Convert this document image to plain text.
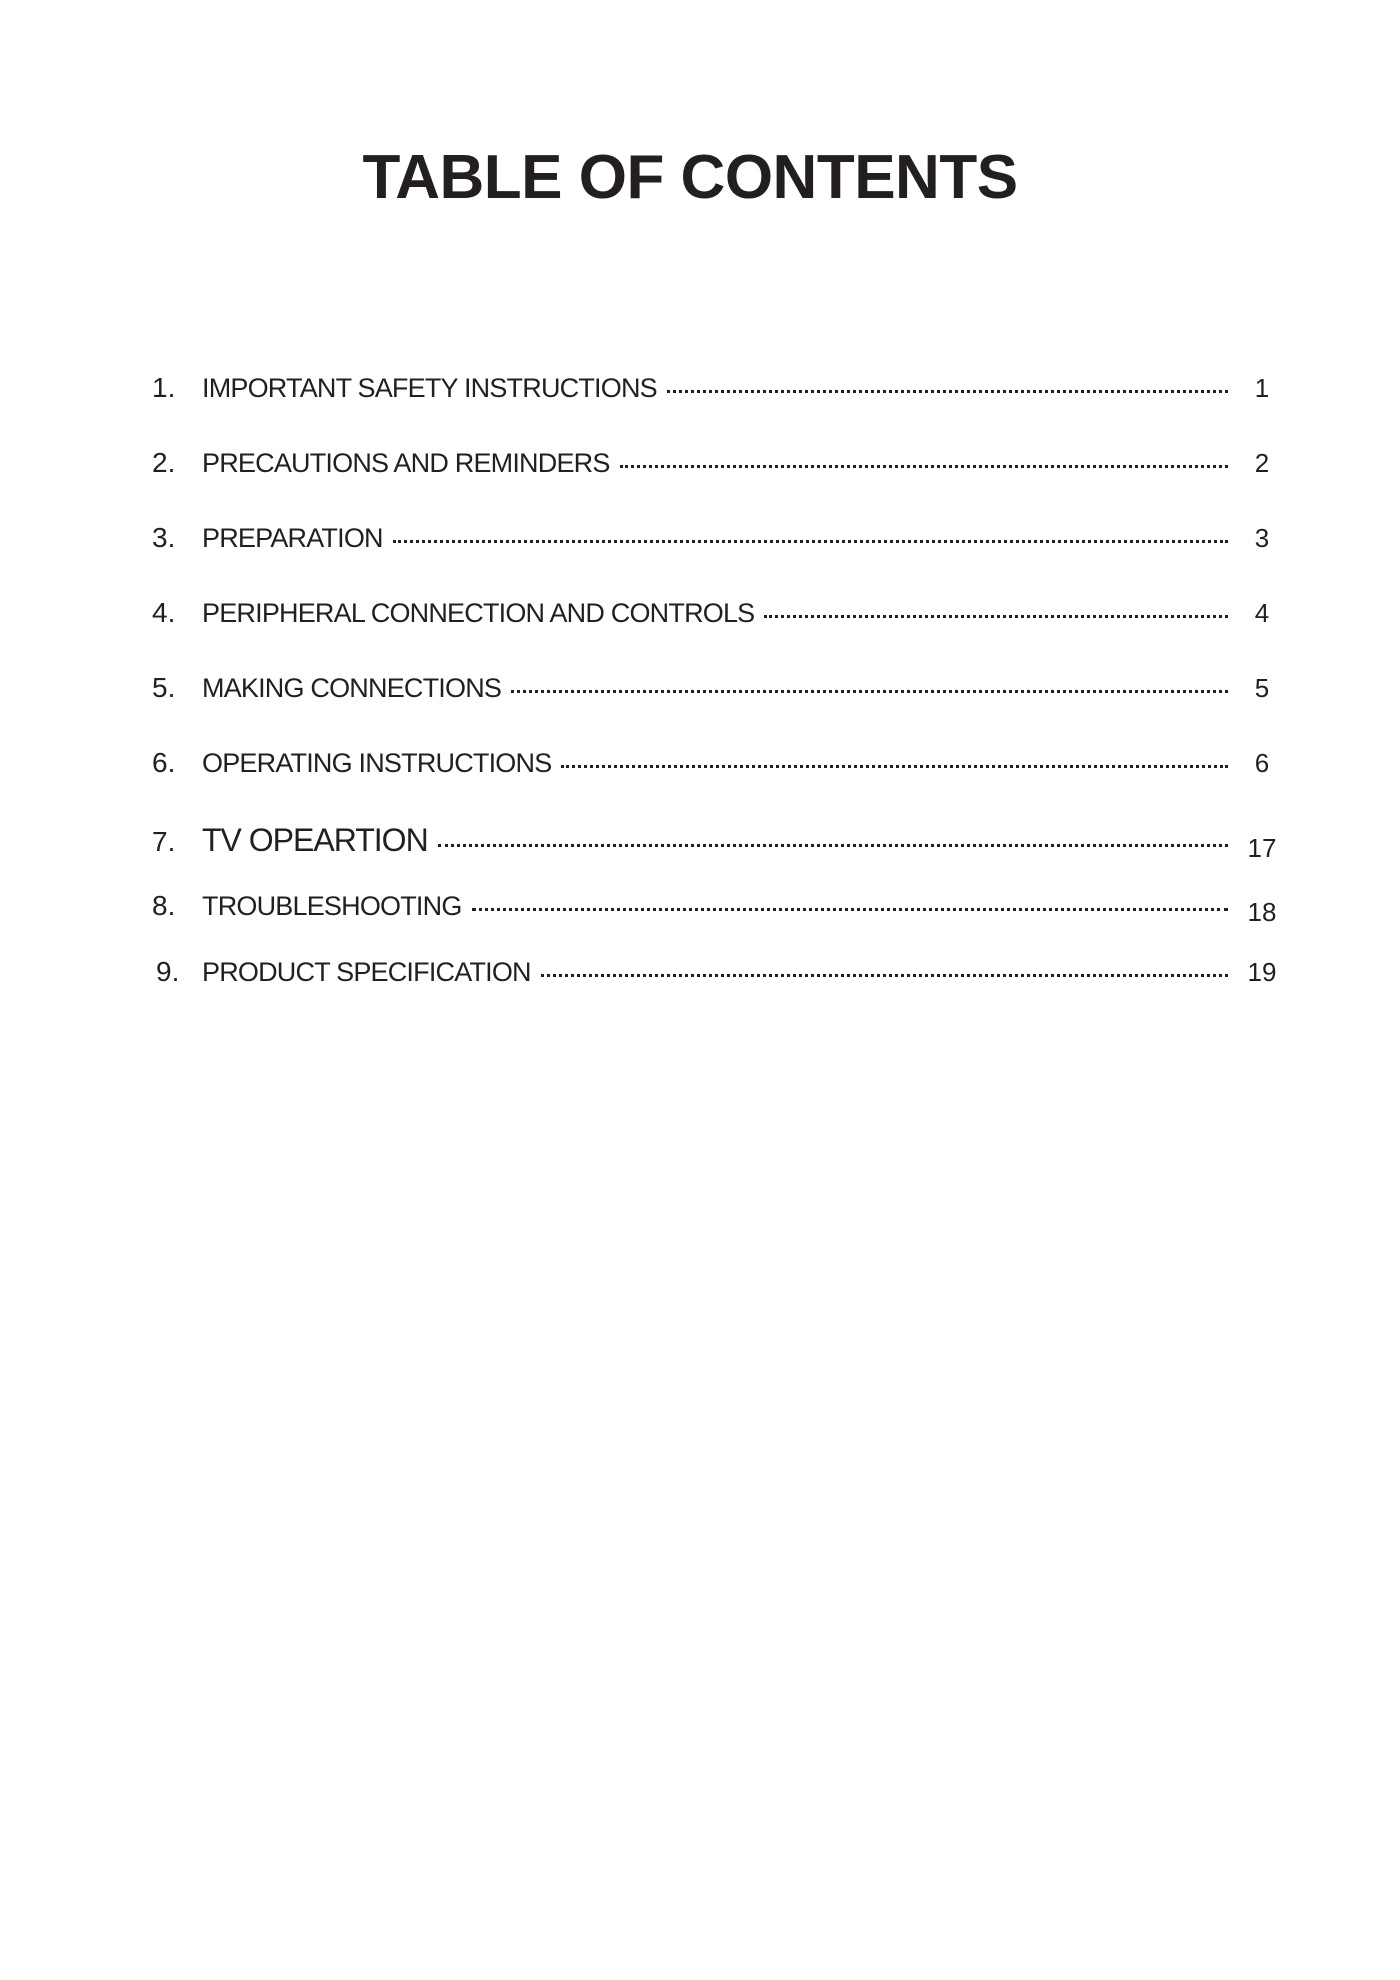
TABLE OF CONTENTS
1. IMPORTANT SAFETY INSTRUCTIONS	1
2. PRECAUTIONS AND REMINDERS	2
3. PREPARATION	3
4. PERIPHERAL CONNECTION AND CONTROLS	4
5. MAKING CONNECTIONS	5
6. OPERATING INSTRUCTIONS	6
7. TV OPEARTION	17
8. TROUBLESHOOTING	18
9. PRODUCT SPECIFICATION	19
